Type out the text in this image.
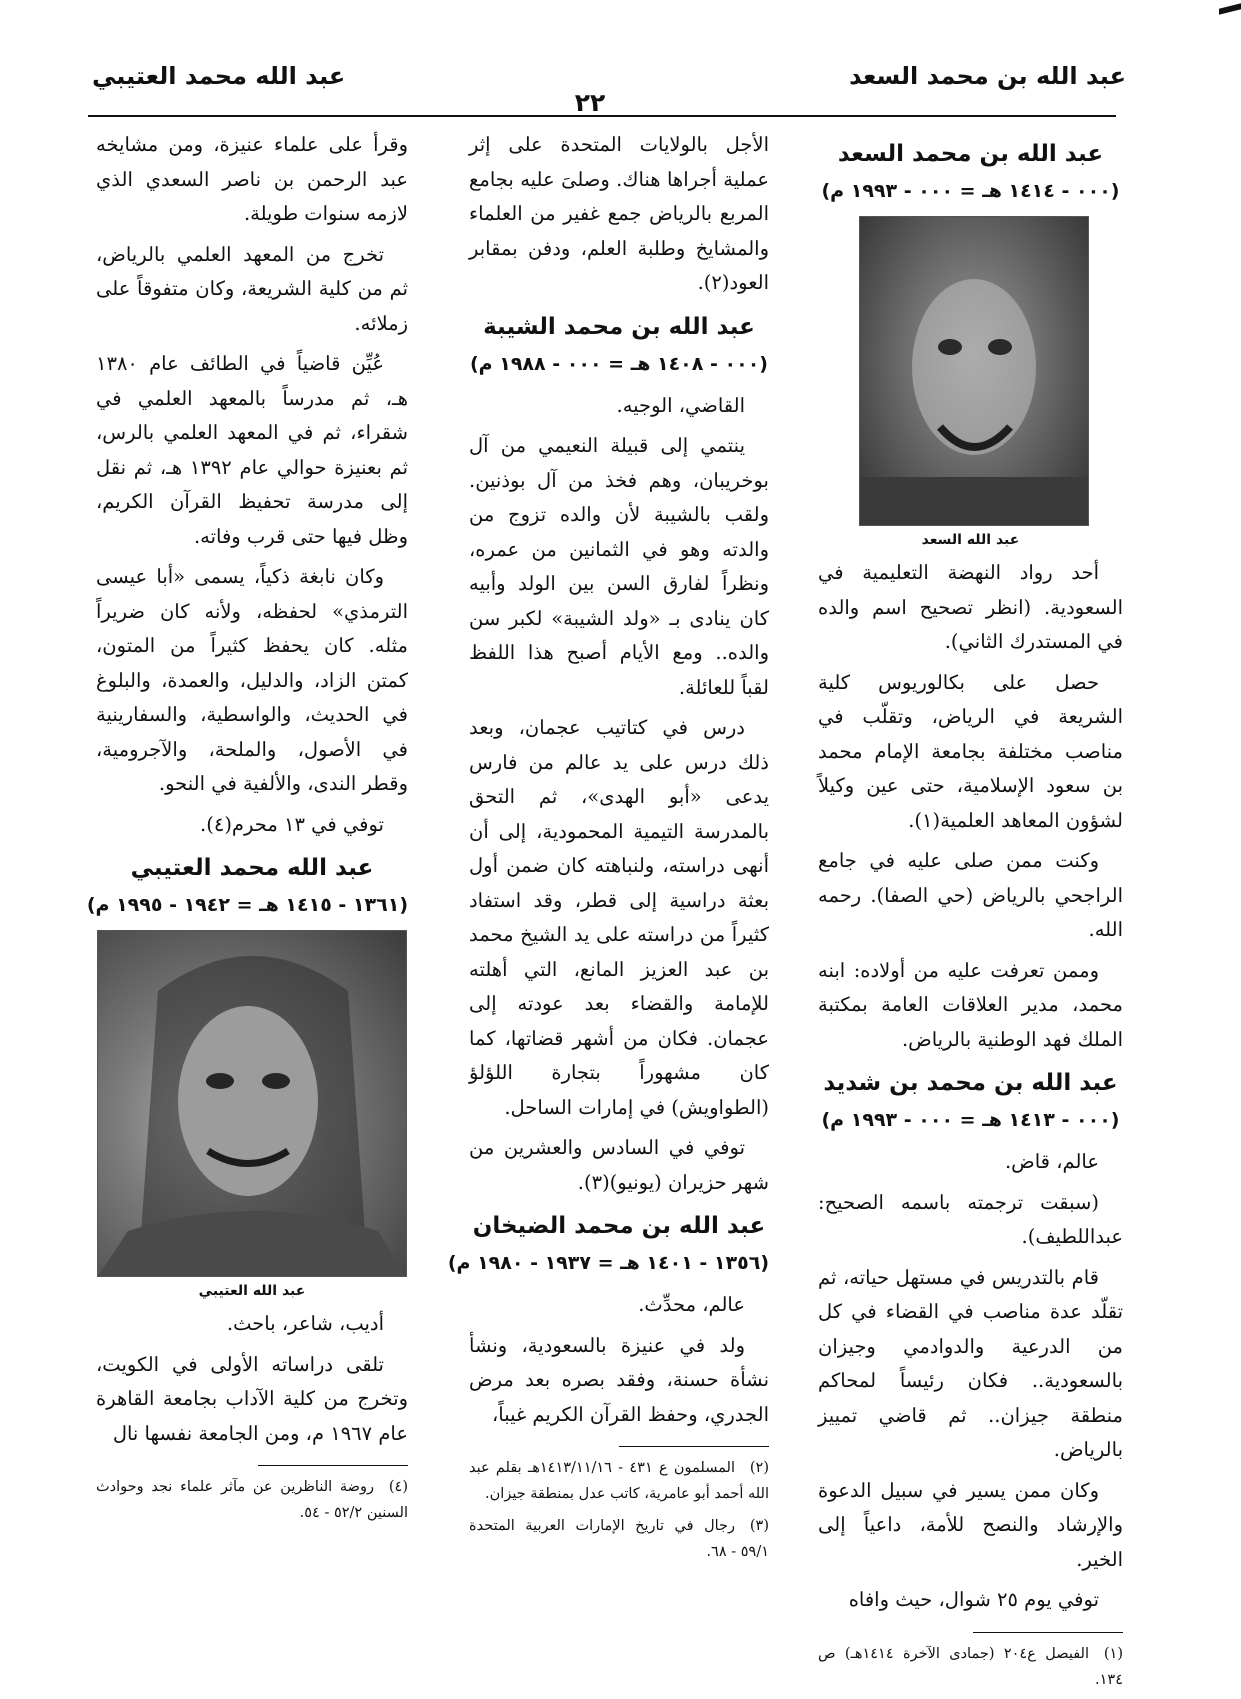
عبد الله بن محمد السعد
٢٢
عبد الله محمد العتيبي
عبد الله بن محمد السعد
(٠٠٠ - ١٤١٤ هـ = ٠٠٠ - ١٩٩٣ م)
عبد الله السعد

أحد رواد النهضة التعليمية في السعودية. (انظر تصحيح اسم والده في المستدرك الثاني).

حصل على بكالوريوس كلية الشريعة في الرياض، وتقلّب في مناصب مختلفة بجامعة الإمام محمد بن سعود الإسلامية، حتى عين وكيلاً لشؤون المعاهد العلمية(١).

وكنت ممن صلى عليه في جامع الراجحي بالرياض (حي الصفا). رحمه الله.

وممن تعرفت عليه من أولاده: ابنه محمد، مدير العلاقات العامة بمكتبة الملك فهد الوطنية بالرياض.

عبد الله بن محمد بن شديد
(٠٠٠ - ١٤١٣ هـ = ٠٠٠ - ١٩٩٣ م)

عالم، قاض.

(سبقت ترجمته باسمه الصحيح: عبداللطيف).

قام بالتدريس في مستهل حياته، ثم تقلّد عدة مناصب في القضاء في كل من الدرعية والدوادمي وجيزان بالسعودية.. فكان رئيساً لمحاكم منطقة جيزان.. ثم قاضي تمييز بالرياض.

وكان ممن يسير في سبيل الدعوة والإرشاد والنصح للأمة، داعياً إلى الخير.

توفي يوم ٢٥ شوال، حيث وافاه

(١)الفيصل ع٢٠٤ (جمادى الآخرة ١٤١٤هـ) ص ١٣٤.

الأجل بالولايات المتحدة على إثر عملية أجراها هناك. وصلىَ عليه بجامع المربع بالرياض جمع غفير من العلماء والمشايخ وطلبة العلم، ودفن بمقابر العود(٢).

عبد الله بن محمد الشيبة
(٠٠٠ - ١٤٠٨ هـ = ٠٠٠ - ١٩٨٨ م)

القاضي، الوجيه.

ينتمي إلى قبيلة النعيمي من آل بوخريبان، وهم فخذ من آل بوذنين. ولقب بالشيبة لأن والده تزوج من والدته وهو في الثمانين من عمره، ونظراً لفارق السن بين الولد وأبيه كان ينادى بـ «ولد الشيبة» لكبر سن والده.. ومع الأيام أصبح هذا اللفظ لقباً للعائلة.

درس في كتاتيب عجمان، وبعد ذلك درس على يد عالم من فارس يدعى «أبو الهدى»، ثم التحق بالمدرسة التيمية المحمودية، إلى أن أنهى دراسته، ولنباهته كان ضمن أول بعثة دراسية إلى قطر، وقد استفاد كثيراً من دراسته على يد الشيخ محمد بن عبد العزيز المانع، التي أهلته للإمامة والقضاء بعد عودته إلى عجمان. فكان من أشهر قضاتها، كما كان مشهوراً بتجارة اللؤلؤ (الطواويش) في إمارات الساحل.

توفي في السادس والعشرين من شهر حزيران (يونيو)(٣).

عبد الله بن محمد الضيخان
(١٣٥٦ - ١٤٠١ هـ = ١٩٣٧ - ١٩٨٠ م)

عالم، محدِّث.

ولد في عنيزة بالسعودية، ونشأ نشأة حسنة، وفقد بصره بعد مرض الجدري، وحفظ القرآن الكريم غيباً،

(٢)المسلمون ع ٤٣١ - ١٤١٣/١١/١٦هـ بقلم عبد الله أحمد أبو عامرية، كاتب عدل بمنطقة جيزان.

(٣)رجال في تاريخ الإمارات العربية المتحدة ٥٩/١ - ٦٨.

وقرأ على علماء عنيزة، ومن مشايخه عبد الرحمن بن ناصر السعدي الذي لازمه سنوات طويلة.

تخرج من المعهد العلمي بالرياض، ثم من كلية الشريعة، وكان متفوقاً على زملائه.

عُيِّن قاضياً في الطائف عام ١٣٨٠ هـ، ثم مدرساً بالمعهد العلمي في شقراء، ثم في المعهد العلمي بالرس، ثم بعنيزة حوالي عام ١٣٩٢ هـ، ثم نقل إلى مدرسة تحفيظ القرآن الكريم، وظل فيها حتى قرب وفاته.

وكان نابغة ذكياً، يسمى «أبا عيسى الترمذي» لحفظه، ولأنه كان ضريراً مثله. كان يحفظ كثيراً من المتون، كمتن الزاد، والدليل، والعمدة، والبلوغ في الحديث، والواسطية، والسفارينية في الأصول، والملحة، والآجرومية، وقطر الندى، والألفية في النحو.

توفي في ١٣ محرم(٤).

عبد الله محمد العتيبي
(١٣٦١ - ١٤١٥ هـ = ١٩٤٢ - ١٩٩٥ م)
عبد الله العتيبي

أديب، شاعر، باحث.

تلقى دراساته الأولى في الكويت، وتخرج من كلية الآداب بجامعة القاهرة عام ١٩٦٧ م، ومن الجامعة نفسها نال

(٤)روضة الناظرين عن مآثر علماء نجد وحوادث السنين ٥٢/٢ - ٥٤.
